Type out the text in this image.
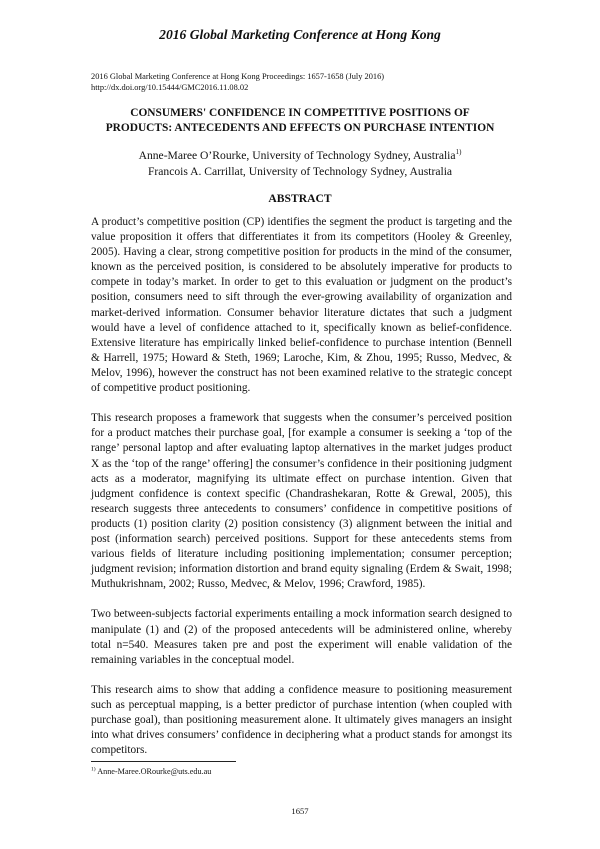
2016 Global Marketing Conference at Hong Kong
2016 Global Marketing Conference at Hong Kong Proceedings: 1657-1658 (July 2016)
http://dx.doi.org/10.15444/GMC2016.11.08.02
CONSUMERS' CONFIDENCE IN COMPETITIVE POSITIONS OF
PRODUCTS: ANTECEDENTS AND EFFECTS ON PURCHASE INTENTION
Anne-Maree O’Rourke, University of Technology Sydney, Australia$^{1)}$
Francois A. Carrillat, University of Technology Sydney, Australia
ABSTRACT

A product’s competitive position (CP) identifies the segment the product is targeting and the value proposition it offers that differentiates it from its competitors (Hooley & Greenley, 2005). Having a clear, strong competitive position for products in the mind of the consumer, known as the perceived position, is considered to be absolutely imperative for products to compete in today’s market. In order to get to this evaluation or judgment on the product’s position, consumers need to sift through the ever-growing availability of organization and market-derived information. Consumer behavior literature dictates that such a judgment would have a level of confidence attached to it, specifically known as belief-confidence. Extensive literature has empirically linked belief-confidence to purchase intention (Bennell & Harrell, 1975; Howard & Steth, 1969; Laroche, Kim, & Zhou, 1995; Russo, Medvec, & Melov, 1996), however the construct has not been examined relative to the strategic concept of competitive product positioning.

This research proposes a framework that suggests when the consumer’s perceived position for a product matches their purchase goal, [for example a consumer is seeking a ‘top of the range’ personal laptop and after evaluating laptop alternatives in the market judges product X as the ‘top of the range’ offering] the consumer’s confidence in their positioning judgment acts as a moderator, magnifying its ultimate effect on purchase intention. Given that judgment confidence is context specific (Chandrashekaran, Rotte & Grewal, 2005), this research suggests three antecedents to consumers’ confidence in competitive positions of products (1) position clarity (2) position consistency (3) alignment between the initial and post (information search) perceived positions. Support for these antecedents stems from various fields of literature including positioning implementation; consumer perception; judgment revision; information distortion and brand equity signaling (Erdem & Swait, 1998; Muthukrishnam, 2002; Russo, Medvec, & Melov, 1996; Crawford, 1985).

Two between-subjects factorial experiments entailing a mock information search designed to manipulate (1) and (2) of the proposed antecedents will be administered online, whereby total n=540. Measures taken pre and post the experiment will enable validation of the remaining variables in the conceptual model.

This research aims to show that adding a confidence measure to positioning measurement such as perceptual mapping, is a better predictor of purchase intention (when coupled with purchase goal), than positioning measurement alone. It ultimately gives managers an insight into what drives consumers’ confidence in deciphering what a product stands for amongst its competitors.

$^{1)}$ Anne-Maree.ORourke@uts.edu.au
1657
